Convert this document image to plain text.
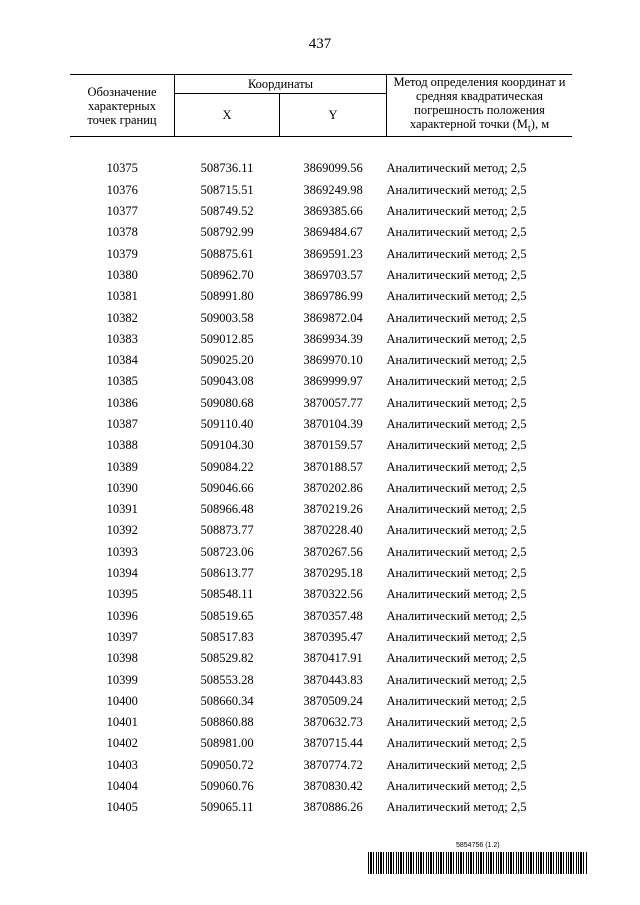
437
Обозначение характерных точек границ	Координаты		Метод определения координат и средняя квадратическая погрешность положения характерной точки $(M_t)$, м
	X	Y	

10375	508736.11	3869099.56	Аналитический метод; 2,5
10376	508715.51	3869249.98	Аналитический метод; 2,5
10377	508749.52	3869385.66	Аналитический метод; 2,5
10378	508792.99	3869484.67	Аналитический метод; 2,5
10379	508875.61	3869591.23	Аналитический метод; 2,5
10380	508962.70	3869703.57	Аналитический метод; 2,5
10381	508991.80	3869786.99	Аналитический метод; 2,5
10382	509003.58	3869872.04	Аналитический метод; 2,5
10383	509012.85	3869934.39	Аналитический метод; 2,5
10384	509025.20	3869970.10	Аналитический метод; 2,5
10385	509043.08	3869999.97	Аналитический метод; 2,5
10386	509080.68	3870057.77	Аналитический метод; 2,5
10387	509110.40	3870104.39	Аналитический метод; 2,5
10388	509104.30	3870159.57	Аналитический метод; 2,5
10389	509084.22	3870188.57	Аналитический метод; 2,5
10390	509046.66	3870202.86	Аналитический метод; 2,5
10391	508966.48	3870219.26	Аналитический метод; 2,5
10392	508873.77	3870228.40	Аналитический метод; 2,5
10393	508723.06	3870267.56	Аналитический метод; 2,5
10394	508613.77	3870295.18	Аналитический метод; 2,5
10395	508548.11	3870322.56	Аналитический метод; 2,5
10396	508519.65	3870357.48	Аналитический метод; 2,5
10397	508517.83	3870395.47	Аналитический метод; 2,5
10398	508529.82	3870417.91	Аналитический метод; 2,5
10399	508553.28	3870443.83	Аналитический метод; 2,5
10400	508660.34	3870509.24	Аналитический метод; 2,5
10401	508860.88	3870632.73	Аналитический метод; 2,5
10402	508981.00	3870715.44	Аналитический метод; 2,5
10403	509050.72	3870774.72	Аналитический метод; 2,5
10404	509060.76	3870830.42	Аналитический метод; 2,5
10405	509065.11	3870886.26	Аналитический метод; 2,5
5854756 (1.2)
